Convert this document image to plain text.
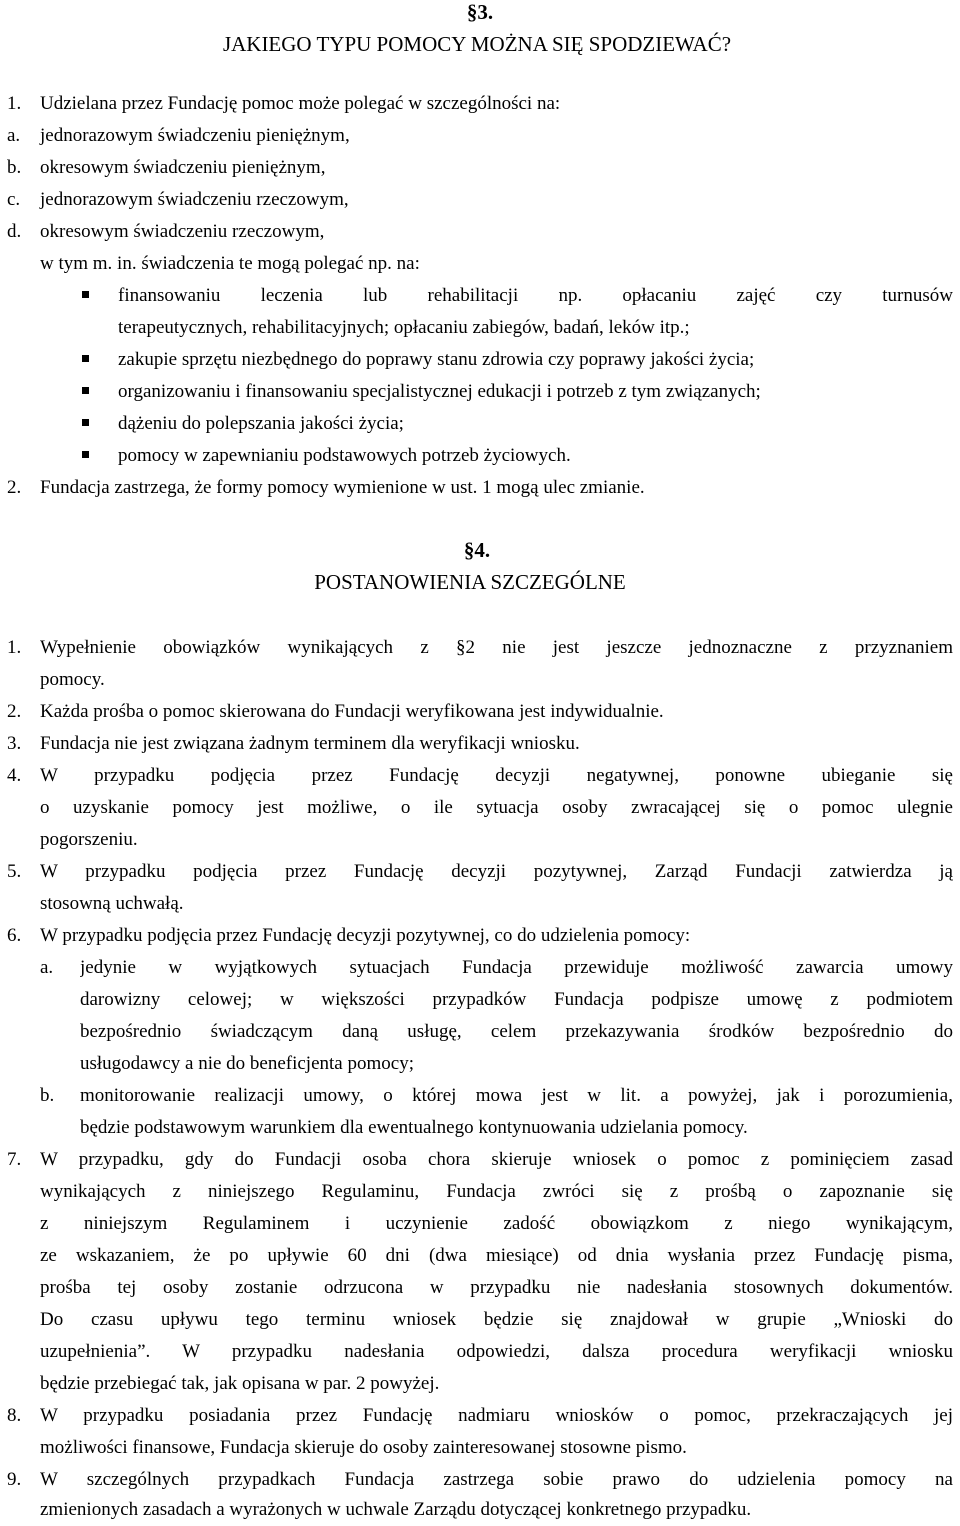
§3.
JAKIEGO TYPU POMOCY MOŻNA SIĘ SPODZIEWAĆ?
1. Udzielana przez Fundację pomoc może polegać w szczególności na:
a. jednorazowym świadczeniu pieniężnym,
b. okresowym świadczeniu pieniężnym,
c. jednorazowym świadczeniu rzeczowym,
d. okresowym świadczeniu rzeczowym,
w tym m. in. świadczenia te mogą polegać np. na:
finansowaniu leczenia lub rehabilitacji np. opłacaniu zajęć czy turnusów
terapeutycznych, rehabilitacyjnych; opłacaniu zabiegów, badań, leków itp.;
zakupie sprzętu niezbędnego do poprawy stanu zdrowia czy poprawy jakości życia;
organizowaniu i finansowaniu specjalistycznej edukacji i potrzeb z tym związanych;
dążeniu do polepszania jakości życia;
pomocy w zapewnianiu podstawowych potrzeb życiowych.
2. Fundacja zastrzega, że formy pomocy wymienione w ust. 1 mogą ulec zmianie.
§4.
POSTANOWIENIA SZCZEGÓLNE
1. Wypełnienie obowiązków wynikających z §2 nie jest jeszcze jednoznaczne z przyznaniem
pomocy.
2. Każda prośba o pomoc skierowana do Fundacji weryfikowana jest indywidualnie.
3. Fundacja nie jest związana żadnym terminem dla weryfikacji wniosku.
4. W przypadku podjęcia przez Fundację decyzji negatywnej, ponowne ubieganie się
o uzyskanie pomocy jest możliwe, o ile sytuacja osoby zwracającej się o pomoc ulegnie
pogorszeniu.
5. W przypadku podjęcia przez Fundację decyzji pozytywnej, Zarząd Fundacji zatwierdza ją
stosowną uchwałą.
6. W przypadku podjęcia przez Fundację decyzji pozytywnej, co do udzielenia pomocy:
a. jedynie w wyjątkowych sytuacjach Fundacja przewiduje możliwość zawarcia umowy
darowizny celowej; w większości przypadków Fundacja podpisze umowę z podmiotem
bezpośrednio świadczącym daną usługę, celem przekazywania środków bezpośrednio do
usługodawcy a nie do beneficjenta pomocy;
b. monitorowanie realizacji umowy, o której mowa jest w lit. a powyżej, jak i porozumienia,
będzie podstawowym warunkiem dla ewentualnego kontynuowania udzielania pomocy.
7. W przypadku, gdy do Fundacji osoba chora skieruje wniosek o pomoc z pominięciem zasad
wynikających z niniejszego Regulaminu, Fundacja zwróci się z prośbą o zapoznanie się
z niniejszym Regulaminem i uczynienie zadość obowiązkom z niego wynikającym,
ze wskazaniem, że po upływie 60 dni (dwa miesiące) od dnia wysłania przez Fundację pisma,
prośba tej osoby zostanie odrzucona w przypadku nie nadesłania stosownych dokumentów.
Do czasu upływu tego terminu wniosek będzie się znajdował w grupie „Wnioski do
uzupełnienia”. W przypadku nadesłania odpowiedzi, dalsza procedura weryfikacji wniosku
będzie przebiegać tak, jak opisana w par. 2 powyżej.
8. W przypadku posiadania przez Fundację nadmiaru wniosków o pomoc, przekraczających jej
możliwości finansowe, Fundacja skieruje do osoby zainteresowanej stosowne pismo.
9. W szczególnych przypadkach Fundacja zastrzega sobie prawo do udzielenia pomocy na
zmienionych zasadach a wyrażonych w uchwale Zarządu dotyczącej konkretnego przypadku.
